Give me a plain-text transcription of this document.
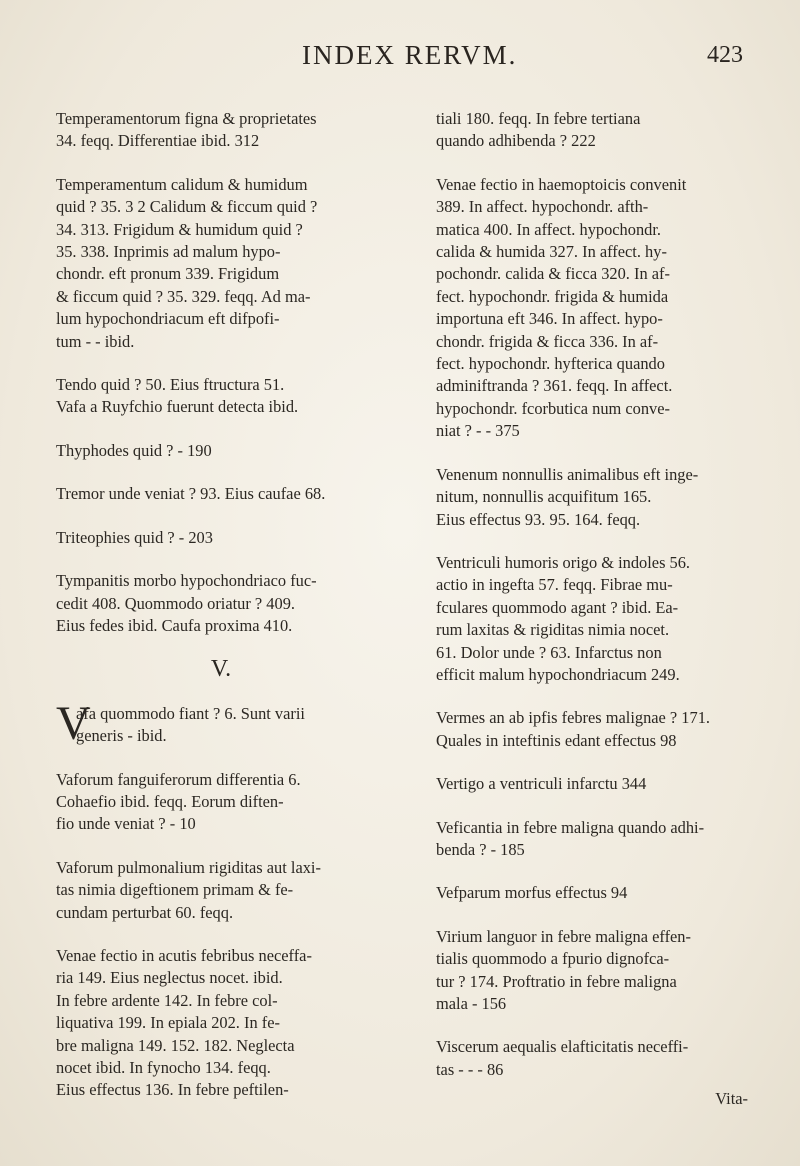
INDEX RERVM.	423

Temperamentorum figna & proprietates
34. feqq. Differentiae ibid. 312

Temperamentum calidum & humidum
quid ? 35. 3 2 Calidum & ficcum quid ?
34. 313. Frigidum & humidum quid ?
35. 338. Inprimis ad malum hypo-
chondr. eft pronum 339. Frigidum
& ficcum quid ? 35. 329. feqq. Ad ma-
lum hypochondriacum eft difpofi-
tum - - ibid.

Tendo quid ? 50. Eius ftructura 51.
Vafa a Ruyfchio fuerunt detecta ibid.

Thyphodes quid ? - 190

Tremor unde veniat ? 93. Eius caufae 68.

Triteophies quid ? - 203

Tympanitis morbo hypochondriaco fuc-
cedit 408. Quommodo oriatur ? 409.
Eius fedes ibid. Caufa proxima 410.

V.
V

afa quommodo fiant ? 6. Sunt varii
generis - ibid.

Vaforum fanguiferorum differentia 6.
Cohaefio ibid. feqq. Eorum diften-
fio unde veniat ? - 10

Vaforum pulmonalium rigiditas aut laxi-
tas nimia digeftionem primam & fe-
cundam perturbat 60. feqq.

Venae fectio in acutis febribus neceffa-
ria 149. Eius neglectus nocet. ibid.
In febre ardente 142. In febre col-
liquativa 199. In epiala 202. In fe-
bre maligna 149. 152. 182. Neglecta
nocet ibid. In fynocho 134. feqq.
Eius effectus 136. In febre peftilen-

tiali 180. feqq. In febre tertiana
quando adhibenda ? 222

Venae fectio in haemoptoicis convenit
389. In affect. hypochondr. afth-
matica 400. In affect. hypochondr.
calida & humida 327. In affect. hy-
pochondr. calida & ficca 320. In af-
fect. hypochondr. frigida & humida
importuna eft 346. In affect. hypo-
chondr. frigida & ficca 336. In af-
fect. hypochondr. hyfterica quando
adminiftranda ? 361. feqq. In affect.
hypochondr. fcorbutica num conve-
niat ? - - 375

Venenum nonnullis animalibus eft inge-
nitum, nonnullis acquifitum 165.
Eius effectus 93. 95. 164. feqq.

Ventriculi humoris origo & indoles 56.
actio in ingefta 57. feqq. Fibrae mu-
fculares quommodo agant ? ibid. Ea-
rum laxitas & rigiditas nimia nocet.
61. Dolor unde ? 63. Infarctus non
efficit malum hypochondriacum 249.

Vermes an ab ipfis febres malignae ? 171.
Quales in inteftinis edant effectus 98

Vertigo a ventriculi infarctu 344

Veficantia in febre maligna quando adhi-
benda ? - 185

Vefparum morfus effectus 94

Virium languor in febre maligna effen-
tialis quommodo a fpurio dignofca-
tur ? 174. Proftratio in febre maligna
mala - 156

Viscerum aequalis elafticitatis neceffi-
tas - - - 86

Vita-
